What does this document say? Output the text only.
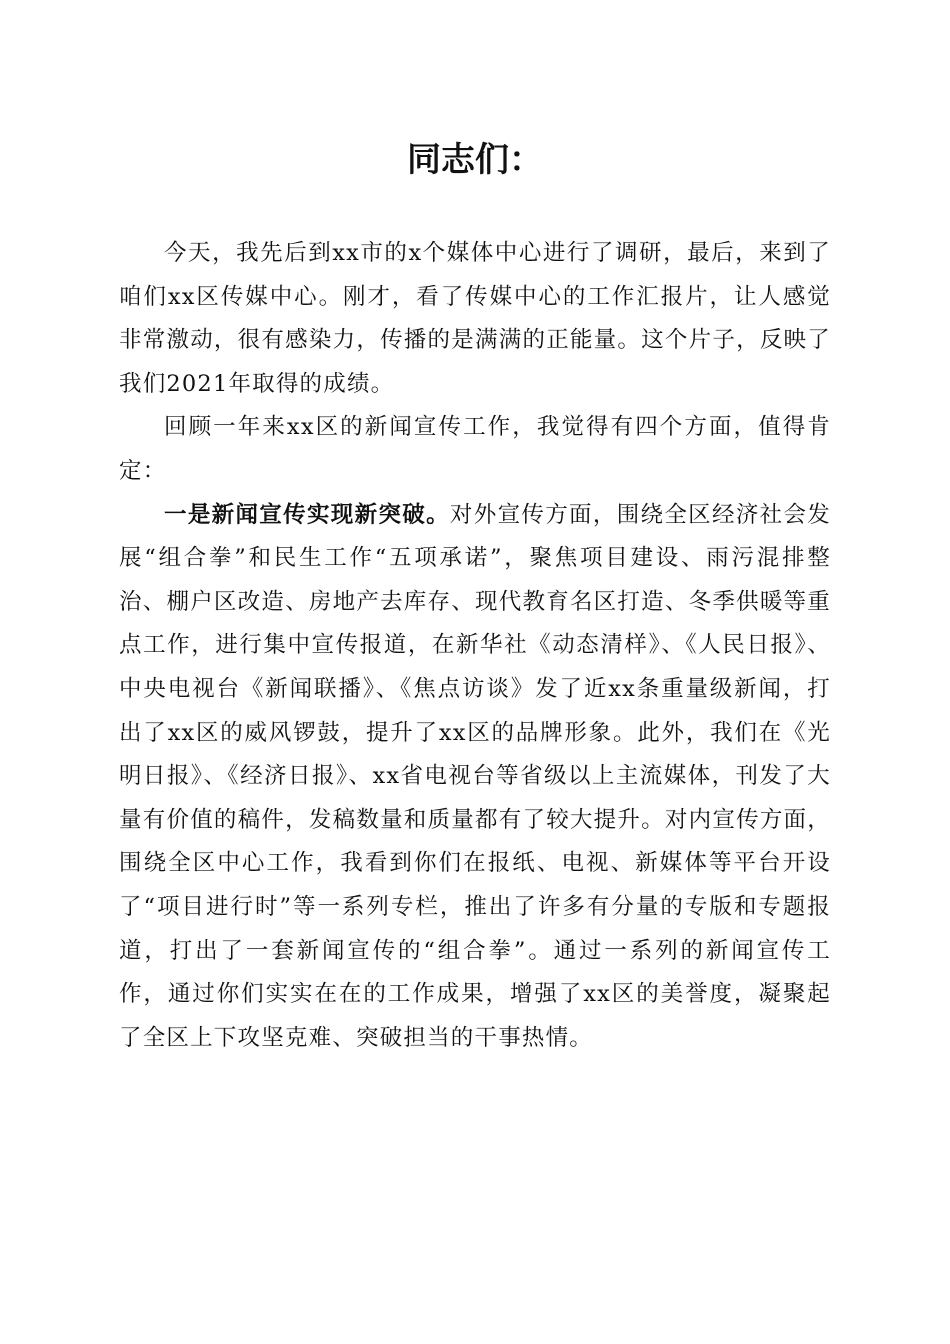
同志们：

今天，我先后到xx市的x个媒体中心进行了调研，最后，来到了咱们xx区传媒中心。刚才，看了传媒中心的工作汇报片，让人感觉非常激动，很有感染力，传播的是满满的正能量。这个片子，反映了我们2021年取得的成绩。

回顾一年来xx区的新闻宣传工作，我觉得有四个方面，值得肯定：

一是新闻宣传实现新突破。对外宣传方面，围绕全区经济社会发展“组合拳”和民生工作“五项承诺”，聚焦项目建设、雨污混排整治、棚户区改造、房地产去库存、现代教育名区打造、冬季供暖等重点工作，进行集中宣传报道，在新华社《动态清样》、《人民日报》、中央电视台《新闻联播》、《焦点访谈》发了近xx条重量级新闻，打出了xx区的威风锣鼓，提升了xx区的品牌形象。此外，我们在《光明日报》、《经济日报》、xx省电视台等省级以上主流媒体，刊发了大量有价值的稿件，发稿数量和质量都有了较大提升。对内宣传方面，围绕全区中心工作，我看到你们在报纸、电视、新媒体等平台开设了“项目进行时”等一系列专栏，推出了许多有分量的专版和专题报道，打出了一套新闻宣传的“组合拳”。通过一系列的新闻宣传工作，通过你们实实在在的工作成果，增强了xx区的美誉度，凝聚起了全区上下攻坚克难、突破担当的干事热情。
